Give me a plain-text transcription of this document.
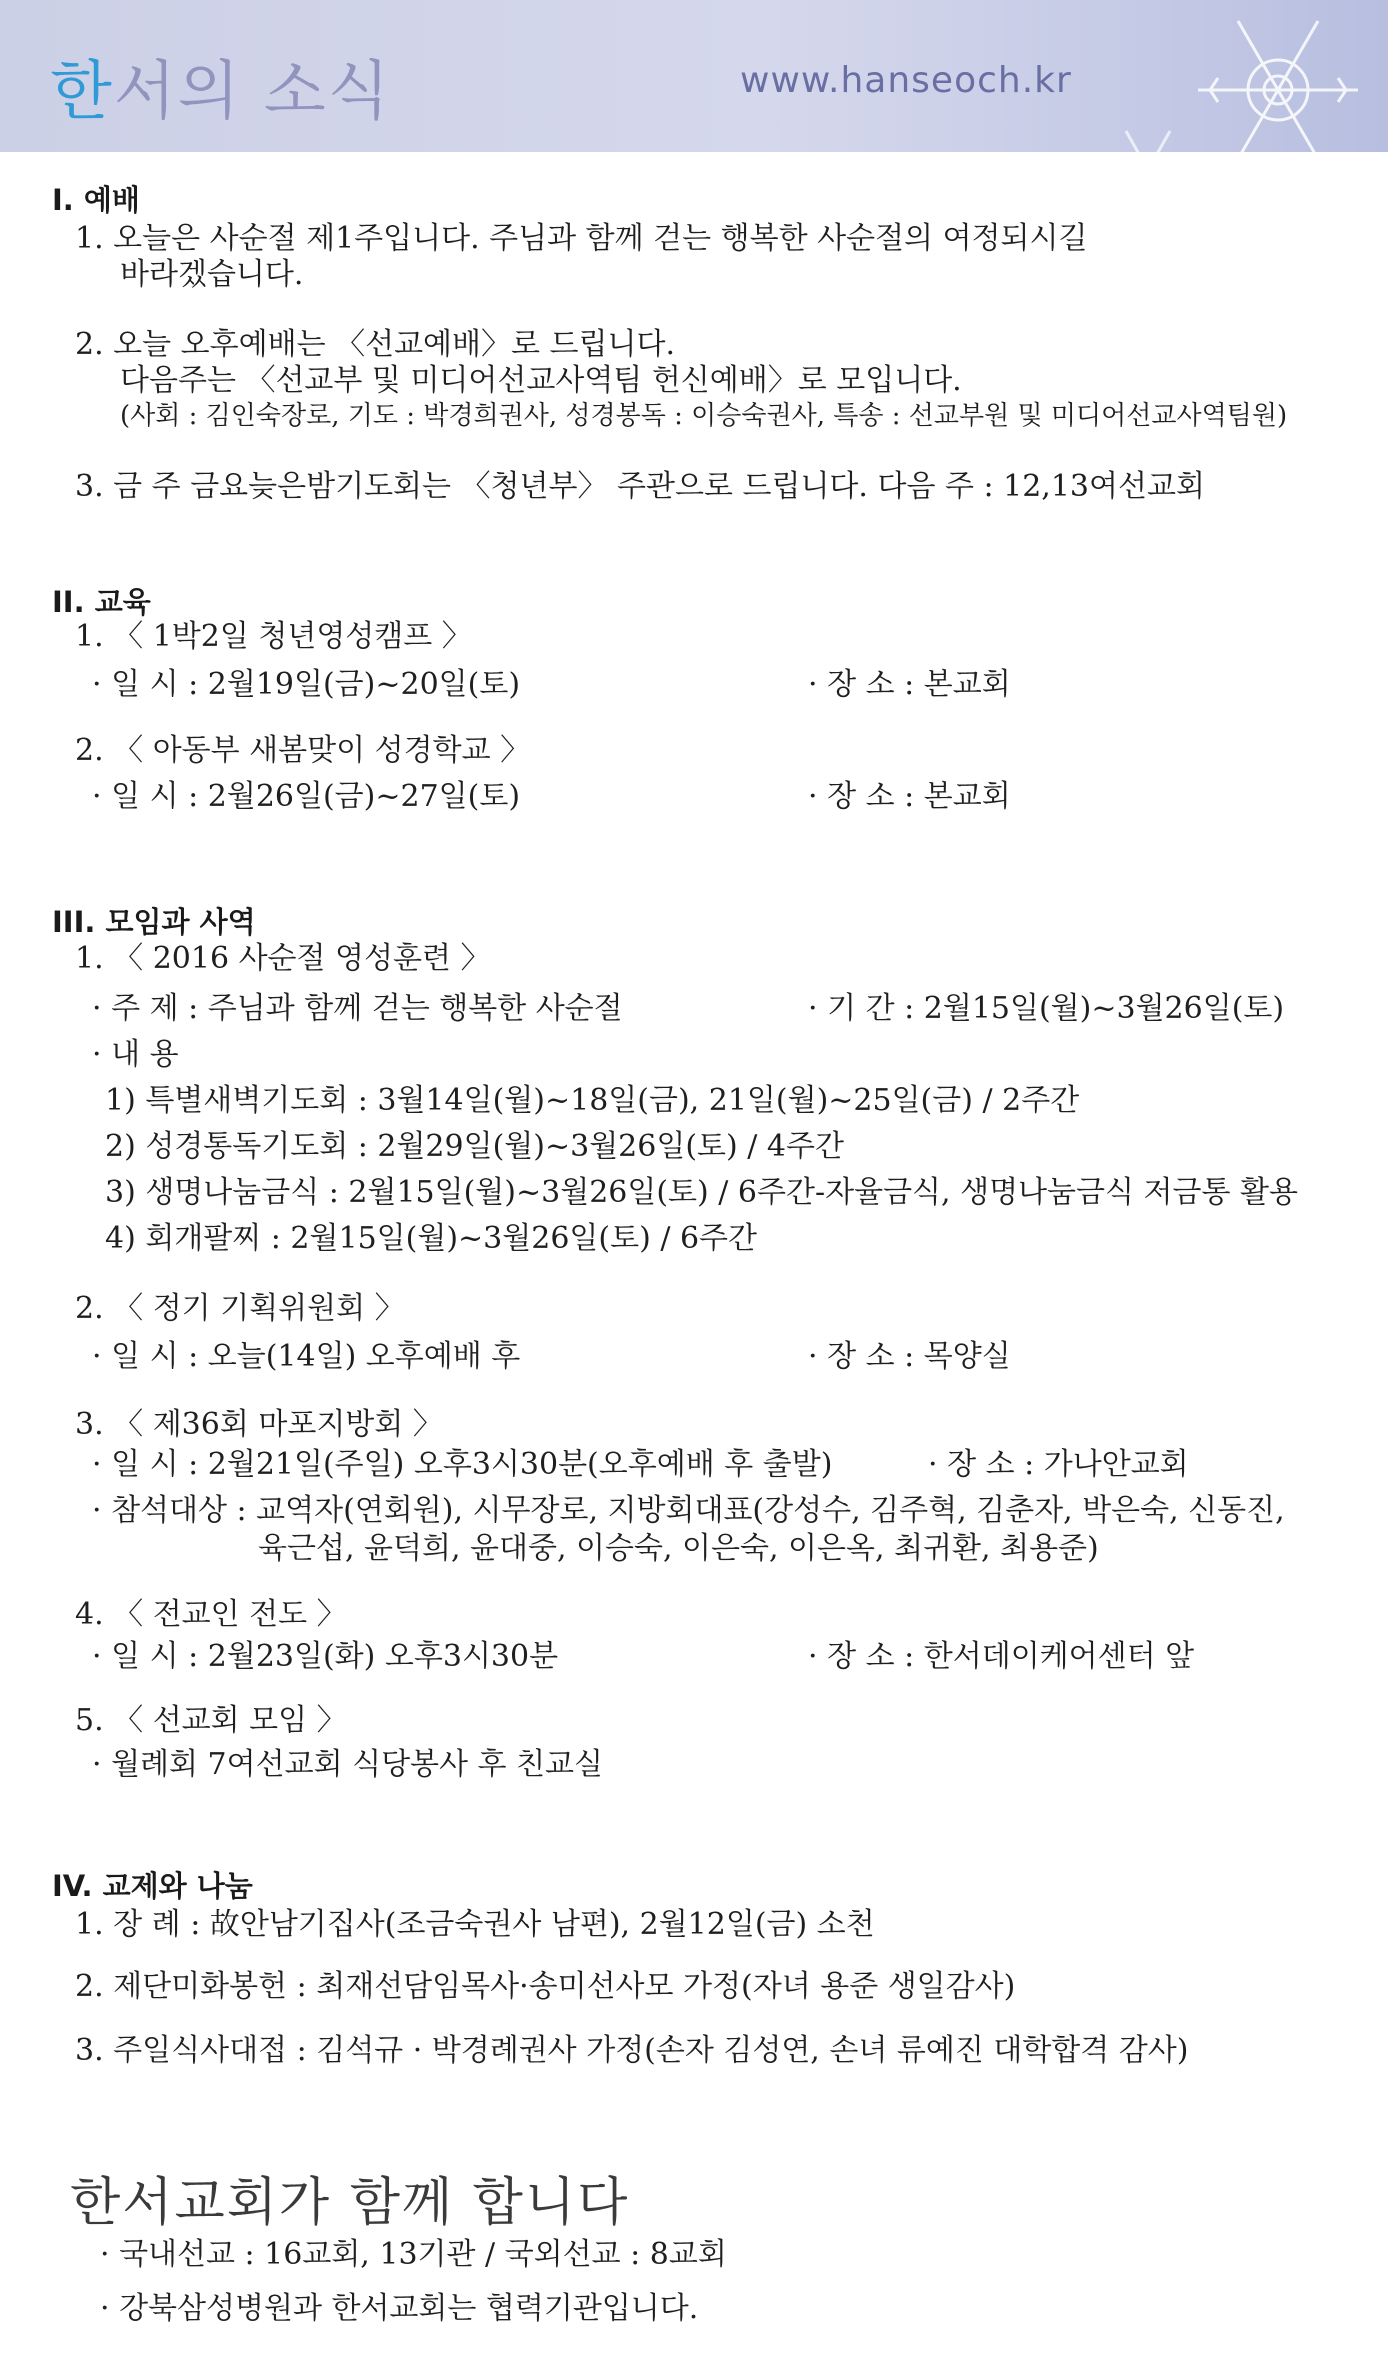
한서의 소식	www.hanseoch.kr
I. 예배
1. 오늘은 사순절 제1주입니다. 주님과 함께 걷는 행복한 사순절의 여정되시길
바라겠습니다.
2. 오늘 오후예배는 〈선교예배〉로 드립니다.
다음주는 〈선교부 및 미디어선교사역팀 헌신예배〉로 모입니다.
(사회 : 김인숙장로, 기도 : 박경희권사, 성경봉독 : 이승숙권사, 특송 : 선교부원 및 미디어선교사역팀원)
3. 금 주 금요늦은밤기도회는 〈청년부〉 주관으로 드립니다. 다음 주 : 12,13여선교회
II. 교육
1. 〈 1박2일 청년영성캠프 〉
· 일 시 : 2월19일(금)~20일(토)	· 장 소 : 본교회
2. 〈 아동부 새봄맞이 성경학교 〉
· 일 시 : 2월26일(금)~27일(토)	· 장 소 : 본교회
III. 모임과 사역
1. 〈 2016 사순절 영성훈련 〉
· 주 제 : 주님과 함께 걷는 행복한 사순절	· 기 간 : 2월15일(월)~3월26일(토)
· 내 용
1) 특별새벽기도회 : 3월14일(월)~18일(금), 21일(월)~25일(금) / 2주간
2) 성경통독기도회 : 2월29일(월)~3월26일(토) / 4주간
3) 생명나눔금식 : 2월15일(월)~3월26일(토) / 6주간-자율금식, 생명나눔금식 저금통 활용
4) 회개팔찌 : 2월15일(월)~3월26일(토) / 6주간
2. 〈 정기 기획위원회 〉
· 일 시 : 오늘(14일) 오후예배 후	· 장 소 : 목양실
3. 〈 제36회 마포지방회 〉
· 일 시 : 2월21일(주일) 오후3시30분(오후예배 후 출발)	· 장 소 : 가나안교회
· 참석대상 : 교역자(연회원), 시무장로, 지방회대표(강성수, 김주혁, 김춘자, 박은숙, 신동진,
육근섭, 윤덕희, 윤대중, 이승숙, 이은숙, 이은옥, 최귀환, 최용준)
4. 〈 전교인 전도 〉
· 일 시 : 2월23일(화) 오후3시30분	· 장 소 : 한서데이케어센터 앞
5. 〈 선교회 모임 〉
· 월례회 7여선교회 식당봉사 후 친교실
IV. 교제와 나눔
1. 장 례 : 故안남기집사(조금숙권사 남편), 2월12일(금) 소천
2. 제단미화봉헌 : 최재선담임목사·송미선사모 가정(자녀 용준 생일감사)
3. 주일식사대접 : 김석규 · 박경례권사 가정(손자 김성연, 손녀 류예진 대학합격 감사)
한서교회가 함께 합니다
· 국내선교 : 16교회, 13기관 / 국외선교 : 8교회
· 강북삼성병원과 한서교회는 협력기관입니다.
